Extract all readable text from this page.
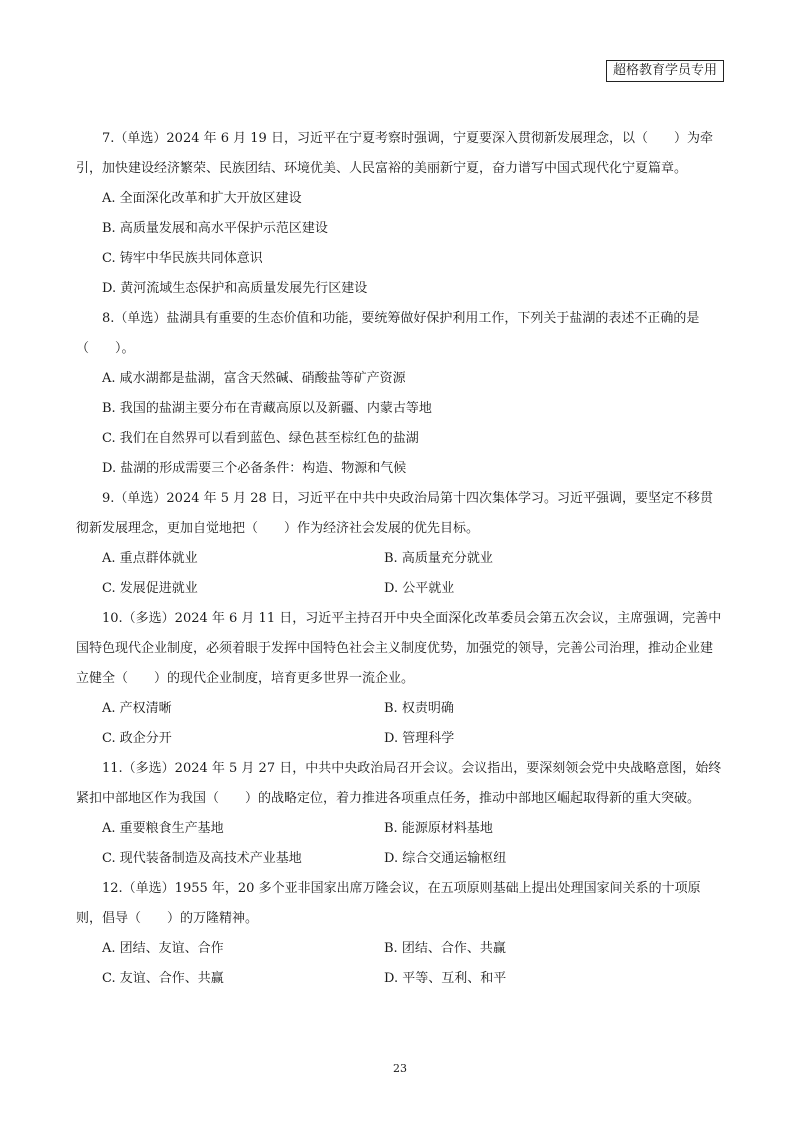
超格教育学员专用

7.（单选）2024 年 6 月 19 日，习近平在宁夏考察时强调，宁夏要深入贯彻新发展理念，以（　　）为牵引，加快建设经济繁荣、民族团结、环境优美、人民富裕的美丽新宁夏，奋力谱写中国式现代化宁夏篇章。

A. 全面深化改革和扩大开放区建设
B. 高质量发展和高水平保护示范区建设
C. 铸牢中华民族共同体意识
D. 黄河流域生态保护和高质量发展先行区建设

8.（单选）盐湖具有重要的生态价值和功能，要统筹做好保护利用工作，下列关于盐湖的表述不正确的是（　　）。

A. 咸水湖都是盐湖，富含天然碱、硝酸盐等矿产资源
B. 我国的盐湖主要分布在青藏高原以及新疆、内蒙古等地
C. 我们在自然界可以看到蓝色、绿色甚至棕红色的盐湖
D. 盐湖的形成需要三个必备条件：构造、物源和气候

9.（单选）2024 年 5 月 28 日，习近平在中共中央政治局第十四次集体学习。习近平强调，要坚定不移贯彻新发展理念，更加自觉地把（　　）作为经济社会发展的优先目标。

A. 重点群体就业	B. 高质量充分就业
C. 发展促进就业	D. 公平就业

10.（多选）2024 年 6 月 11 日，习近平主持召开中央全面深化改革委员会第五次会议，主席强调，完善中国特色现代企业制度，必须着眼于发挥中国特色社会主义制度优势，加强党的领导，完善公司治理，推动企业建立健全（　　）的现代企业制度，培育更多世界一流企业。

A. 产权清晰	B. 权责明确
C. 政企分开	D. 管理科学

11.（多选）2024 年 5 月 27 日，中共中央政治局召开会议。会议指出，要深刻领会党中央战略意图，始终紧扣中部地区作为我国（　　）的战略定位，着力推进各项重点任务，推动中部地区崛起取得新的重大突破。

A. 重要粮食生产基地	B. 能源原材料基地
C. 现代装备制造及高技术产业基地	D. 综合交通运输枢纽

12.（单选）1955 年，20 多个亚非国家出席万隆会议，在五项原则基础上提出处理国家间关系的十项原则，倡导（　　）的万隆精神。

A. 团结、友谊、合作	B. 团结、合作、共赢
C. 友谊、合作、共赢	D. 平等、互利、和平
23
